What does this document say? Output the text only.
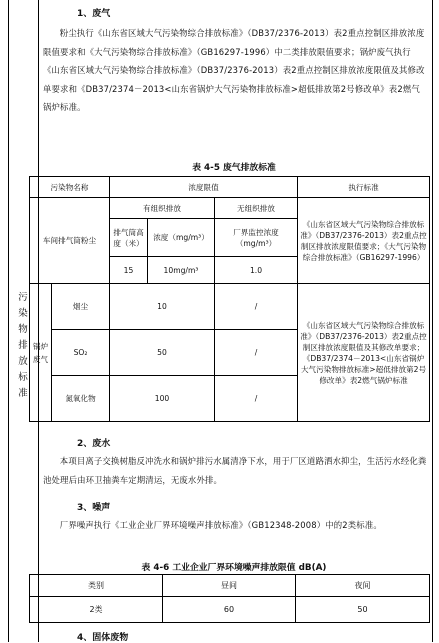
污染物排放标准
1、废气
粉尘执行《山东省区域大气污染物综合排放标准》（DB37/2376-2013）表2重点控制区排放浓度限值要求和《大气污染物综合排放标准》（GB16297-1996）中二类排放限值要求；锅炉废气执行《山东省区域大气污染物综合排放标准》（DB37/2376-2013）表2重点控制区排放浓度限值及其修改单要求和《DB37/2374－2013<山东省锅炉大气污染物排放标准>超低排放第2号修改单》表2燃气锅炉标准。
表 4-5 废气排放标准
污染物名称		浓度限值			执行标准
车间排气筒粉尘		有组织排放		无组织排放	《山东省区域大气污染物综合排放标准》（DB37/2376-2013）表2重点控制区排放浓度限值要求；《大气污染物综合排放标准》（GB16297-1996）
		排气筒高度（米）	浓度（mg/m³）	厂界监控浓度（mg/m³）	
		15	10mg/m³	1.0	
锅炉废气	烟尘	10		/	《山东省区域大气污染物综合排放标准》（DB37/2376-2013）表2重点控制区排放浓度限值及其修改单要求；《DB37/2374－2013<山东省锅炉大气污染物排放标准>超低排放第2号修改单》表2燃气锅炉标准
	SO₂	50		/	
	氮氧化物	100		/	
2、废水
本项目离子交换树脂反冲洗水和锅炉排污水属清净下水，用于厂区道路洒水抑尘，生活污水经化粪池处理后由环卫抽粪车定期清运，无废水外排。
3、噪声
厂界噪声执行《工业企业厂界环境噪声排放标准》（GB12348-2008）中的2类标准。
表 4-6 工业企业厂界环境噪声排放限值 dB(A)
类别	昼间	夜间
2类	60	50
4、固体废物
